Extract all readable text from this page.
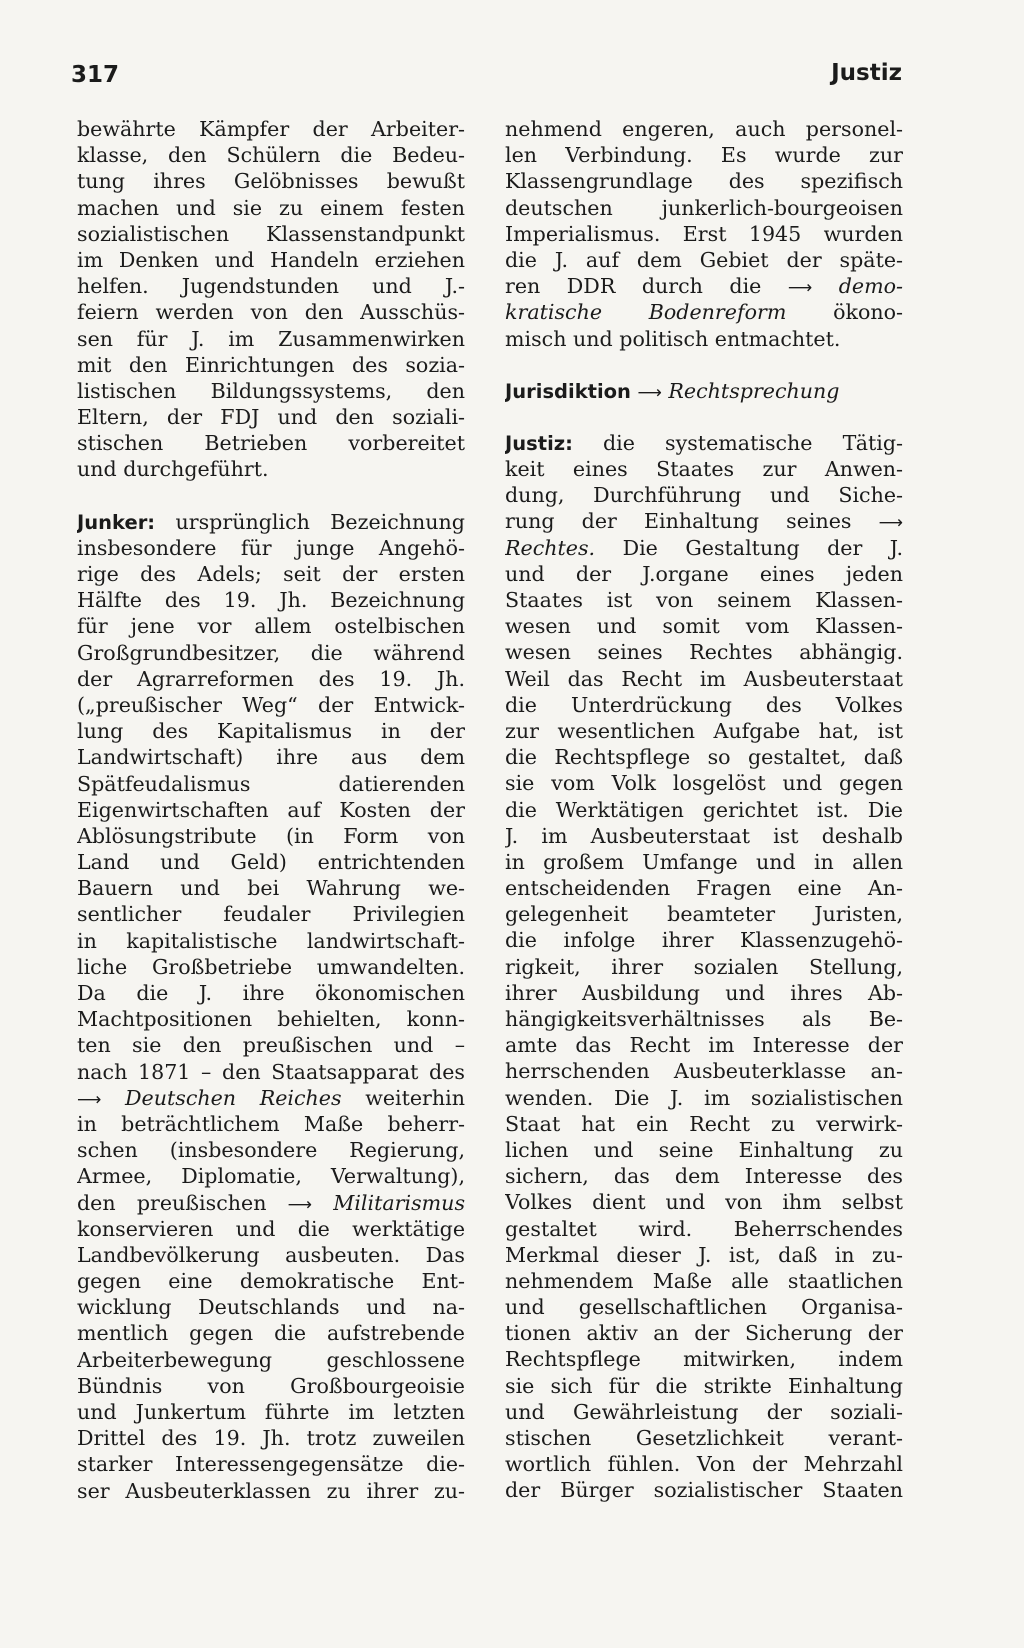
317	Justiz
bewährte Kämpfer der Arbeiter-
klasse, den Schülern die Bedeu-
tung ihres Gelöbnisses bewußt
machen und sie zu einem festen
sozialistischen Klassenstandpunkt
im Denken und Handeln erziehen
helfen. Jugendstunden und J.-
feiern werden von den Ausschüs-
sen für J. im Zusammenwirken
mit den Einrichtungen des sozia-
listischen Bildungssystems, den
Eltern, der FDJ und den soziali-
stischen Betrieben vorbereitet
und durchgeführt.
Junker: ursprünglich Bezeichnung
insbesondere für junge Angehö-
rige des Adels; seit der ersten
Hälfte des 19. Jh. Bezeichnung
für jene vor allem ostelbischen
Großgrundbesitzer, die während
der Agrarreformen des 19. Jh.
(„preußischer Weg“ der Entwick-
lung des Kapitalismus in der
Landwirtschaft) ihre aus dem
Spätfeudalismus datierenden
Eigenwirtschaften auf Kosten der
Ablösungstribute (in Form von
Land und Geld) entrichtenden
Bauern und bei Wahrung we-
sentlicher feudaler Privilegien
in kapitalistische landwirtschaft-
liche Großbetriebe umwandelten.
Da die J. ihre ökonomischen
Machtpositionen behielten, konn-
ten sie den preußischen und –
nach 1871 – den Staatsapparat des
⟶ Deutschen Reiches weiterhin
in beträchtlichem Maße beherr-
schen (insbesondere Regierung,
Armee, Diplomatie, Verwaltung),
den preußischen ⟶ Militarismus
konservieren und die werktätige
Landbevölkerung ausbeuten. Das
gegen eine demokratische Ent-
wicklung Deutschlands und na-
mentlich gegen die aufstrebende
Arbeiterbewegung geschlossene
Bündnis von Großbourgeoisie
und Junkertum führte im letzten
Drittel des 19. Jh. trotz zuweilen
starker Interessengegensätze die-
ser Ausbeuterklassen zu ihrer zu-
nehmend engeren, auch personel-
len Verbindung. Es wurde zur
Klassengrundlage des spezifisch
deutschen junkerlich-bourgeoisen
Imperialismus. Erst 1945 wurden
die J. auf dem Gebiet der späte-
ren DDR durch die ⟶ demo-
kratische Bodenreform ökono-
misch und politisch entmachtet.
Jurisdiktion ⟶ Rechtsprechung
Justiz: die systematische Tätig-
keit eines Staates zur Anwen-
dung, Durchführung und Siche-
rung der Einhaltung seines ⟶
Rechtes. Die Gestaltung der J.
und der J.organe eines jeden
Staates ist von seinem Klassen-
wesen und somit vom Klassen-
wesen seines Rechtes abhängig.
Weil das Recht im Ausbeuterstaat
die Unterdrückung des Volkes
zur wesentlichen Aufgabe hat, ist
die Rechtspflege so gestaltet, daß
sie vom Volk losgelöst und gegen
die Werktätigen gerichtet ist. Die
J. im Ausbeuterstaat ist deshalb
in großem Umfange und in allen
entscheidenden Fragen eine An-
gelegenheit beamteter Juristen,
die infolge ihrer Klassenzugehö-
rigkeit, ihrer sozialen Stellung,
ihrer Ausbildung und ihres Ab-
hängigkeitsverhältnisses als Be-
amte das Recht im Interesse der
herrschenden Ausbeuterklasse an-
wenden. Die J. im sozialistischen
Staat hat ein Recht zu verwirk-
lichen und seine Einhaltung zu
sichern, das dem Interesse des
Volkes dient und von ihm selbst
gestaltet wird. Beherrschendes
Merkmal dieser J. ist, daß in zu-
nehmendem Maße alle staatlichen
und gesellschaftlichen Organisa-
tionen aktiv an der Sicherung der
Rechtspflege mitwirken, indem
sie sich für die strikte Einhaltung
und Gewährleistung der soziali-
stischen Gesetzlichkeit verant-
wortlich fühlen. Von der Mehrzahl
der Bürger sozialistischer Staaten
